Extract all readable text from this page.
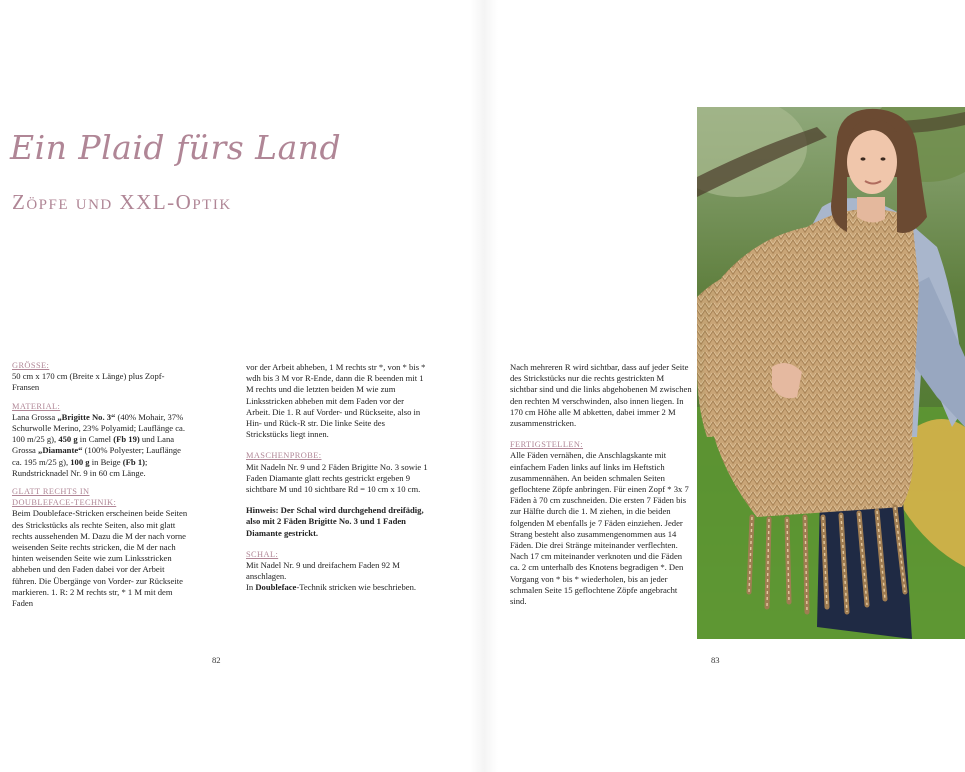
Ein Plaid fürs Land
Zöpfe und XXL-Optik
GRÖSSE:

50 cm x 170 cm (Breite x Länge) plus Zopf-Fransen

MATERIAL:

Lana Grossa „Brigitte No. 3“ (40% Mohair, 37% Schurwolle Merino, 23% Polyamid; Lauflänge ca. 100 m/25 g), 450 g in Camel (Fb 19) und Lana Grossa „Diamante“ (100% Polyester; Lauflänge ca. 195 m/25 g), 100 g in Beige (Fb 1); Rundstricknadel Nr. 9 in 60 cm Länge.

GLATT RECHTS IN
DOUBLEFACE-TECHNIK:

Beim Doubleface-Stricken erscheinen beide Seiten des Strickstücks als rechte Seiten, also mit glatt rechts aussehenden M. Dazu die M der nach vorne weisenden Seite rechts stricken, die M der nach hinten weisenden Seite wie zum Linksstricken abheben und den Faden dabei vor der Arbeit führen. Die Übergänge von Vorder- zur Rückseite markieren. 1. R: 2 M rechts str, * 1 M mit dem Faden

vor der Arbeit abheben, 1 M rechts str *, von * bis * wdh bis 3 M vor R-Ende, dann die R beenden mit 1 M rechts und die letzten beiden M wie zum Linksstricken abheben mit dem Faden vor der Arbeit. Die 1. R auf Vorder- und Rückseite, also in Hin- und Rück-R str. Die linke Seite des Strickstücks liegt innen.

MASCHENPROBE:

Mit Nadeln Nr. 9 und 2 Fäden Brigitte No. 3 sowie 1 Faden Diamante glatt rechts gestrickt ergeben 9 sichtbare M und 10 sichtbare Rd = 10 cm x 10 cm.

Hinweis: Der Schal wird durchgehend dreifädig, also mit 2 Fäden Brigitte No. 3 und 1 Faden Diamante gestrickt.

SCHAL:

Mit Nadel Nr. 9 und dreifachem Faden 92 M anschlagen.

In Doubleface-Technik stricken wie beschrieben.

82

Nach mehreren R wird sichtbar, dass auf jeder Seite des Strickstücks nur die rechts gestrickten M sichtbar sind und die links abgehobenen M zwischen den rechten M verschwinden, also innen liegen. In 170 cm Höhe alle M abketten, dabei immer 2 M zusammenstricken.

FERTIGSTELLEN:

Alle Fäden vernähen, die Anschlagskante mit einfachem Faden links auf links im Heftstich zusammennähen. An beiden schmalen Seiten geflochtene Zöpfe anbringen. Für einen Zopf * 3x 7 Fäden à 70 cm zuschneiden. Die ersten 7 Fäden bis zur Hälfte durch die 1. M ziehen, in die beiden folgenden M ebenfalls je 7 Fäden einziehen. Jeder Strang besteht also zusammengenommen aus 14 Fäden. Die drei Stränge miteinander verflechten. Nach 17 cm miteinander verknoten und die Fäden ca. 2 cm unterhalb des Knotens begradigen *. Den Vorgang von * bis * wiederholen, bis an jeder schmalen Seite 15 geflochtene Zöpfe angebracht sind.

83
